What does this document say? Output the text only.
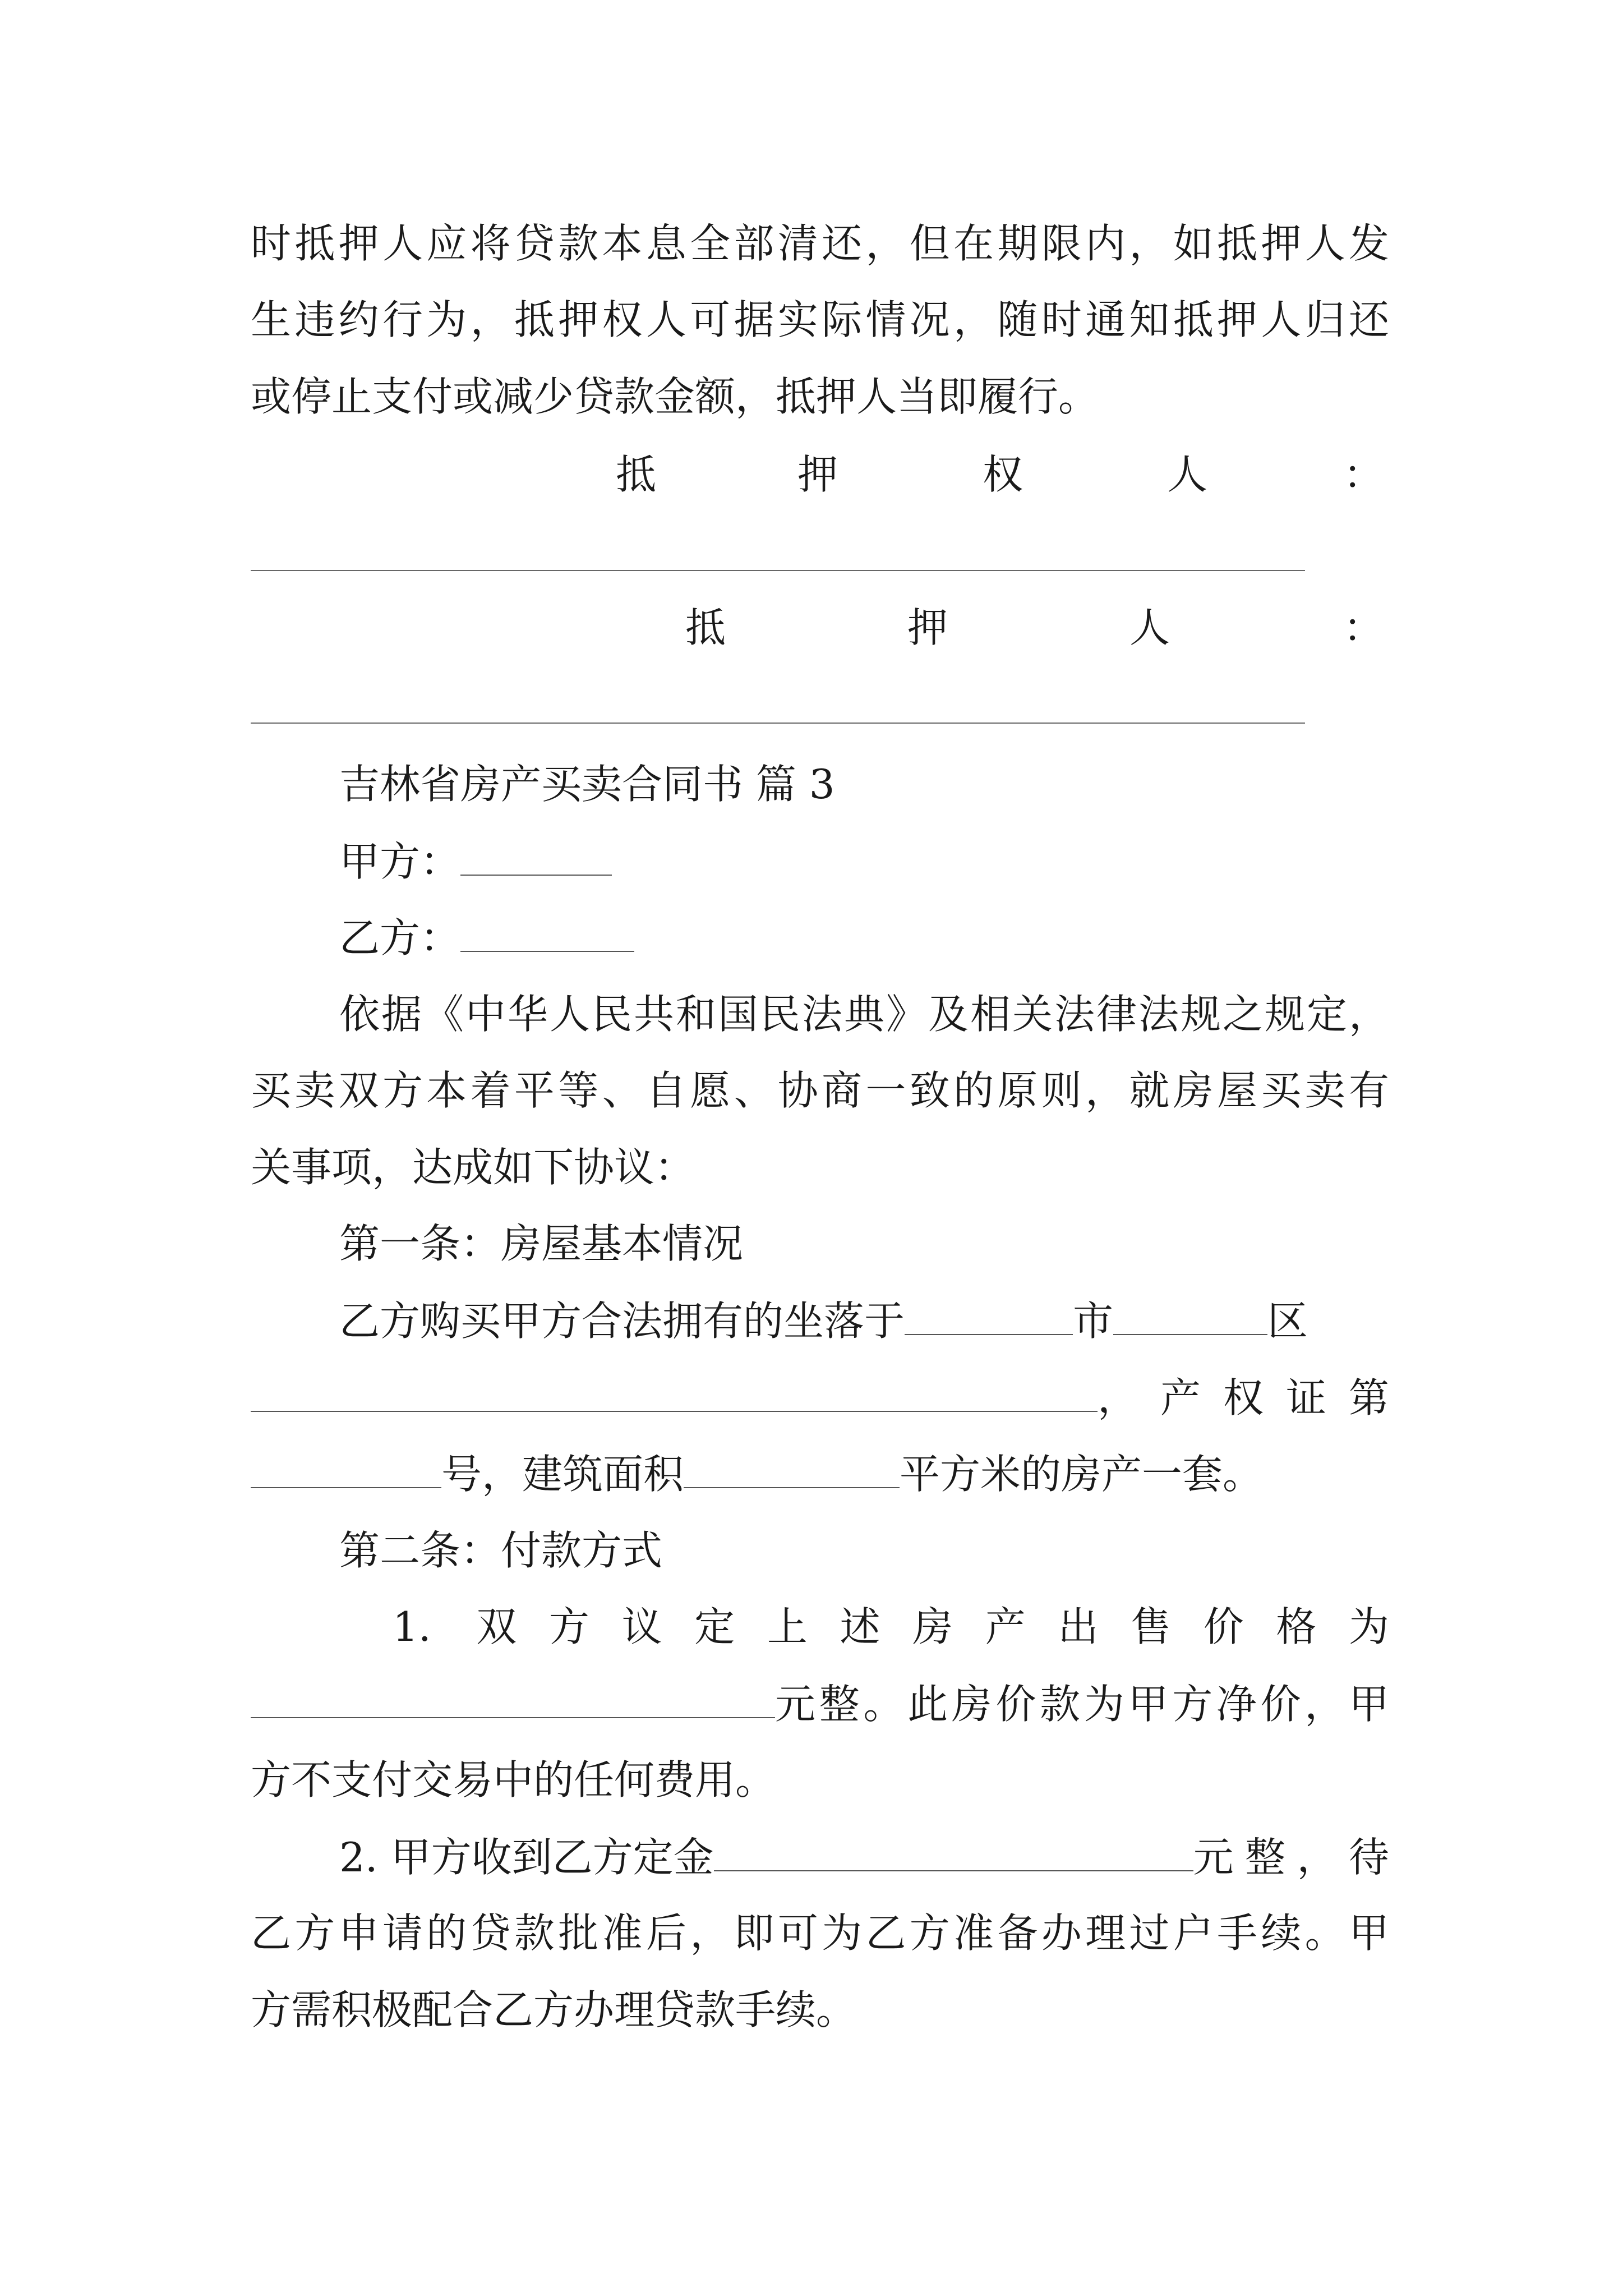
时抵押人应将贷款本息全部清还，但在期限内，如抵押人发
生违约行为，抵押权人可据实际情况，随时通知抵押人归还
或停止支付或减少贷款金额，抵押人当即履行。
抵	押	权	人	：
抵	押	人	：
吉林省房产买卖合同书 篇 3
甲方：
乙方：
依据《中华人民共和国民法典》及相关法律法规之规定，
买卖双方本着平等、自愿、协商一致的原则，就房屋买卖有
关事项，达成如下协议：
第一条：房屋基本情况
乙方购买甲方合法拥有的坐落于	市	区
，产权证第
号，建筑面积	平方米的房产一套。
第二条：付款方式
1. 双方议定上述房产出售价格为
元整。此房价款为甲方净价，甲
方不支付交易中的任何费用。
2. 甲方收到乙方定金	元整，待
乙方申请的贷款批准后，即可为乙方准备办理过户手续。甲
方需积极配合乙方办理贷款手续。
